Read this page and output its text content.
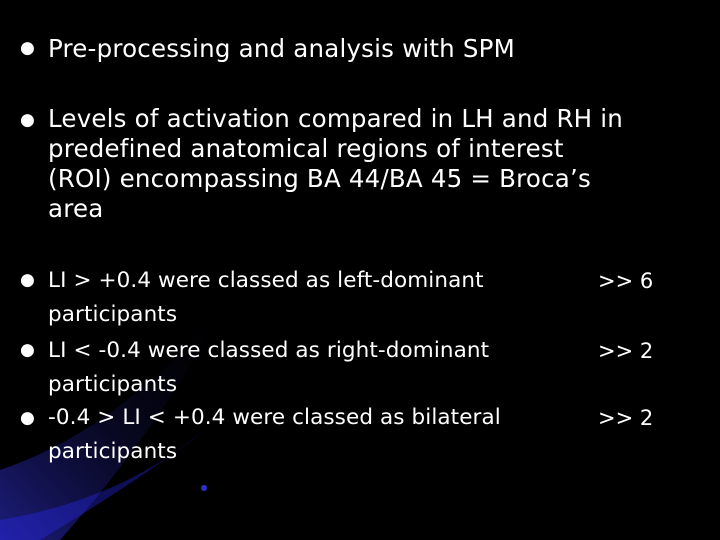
● Pre-processing and analysis with SPM
● Levels of activation compared in LH and RH in
predefined anatomical regions of interest
(ROI) encompassing BA 44/BA 45 = Broca’s
area
● LI > +0.4 were classed as left-dominant
participants
>> 6
● LI < -0.4 were classed as right-dominant
participants
>> 2
● -0.4 > LI < +0.4 were classed as bilateral
participants
>> 2
